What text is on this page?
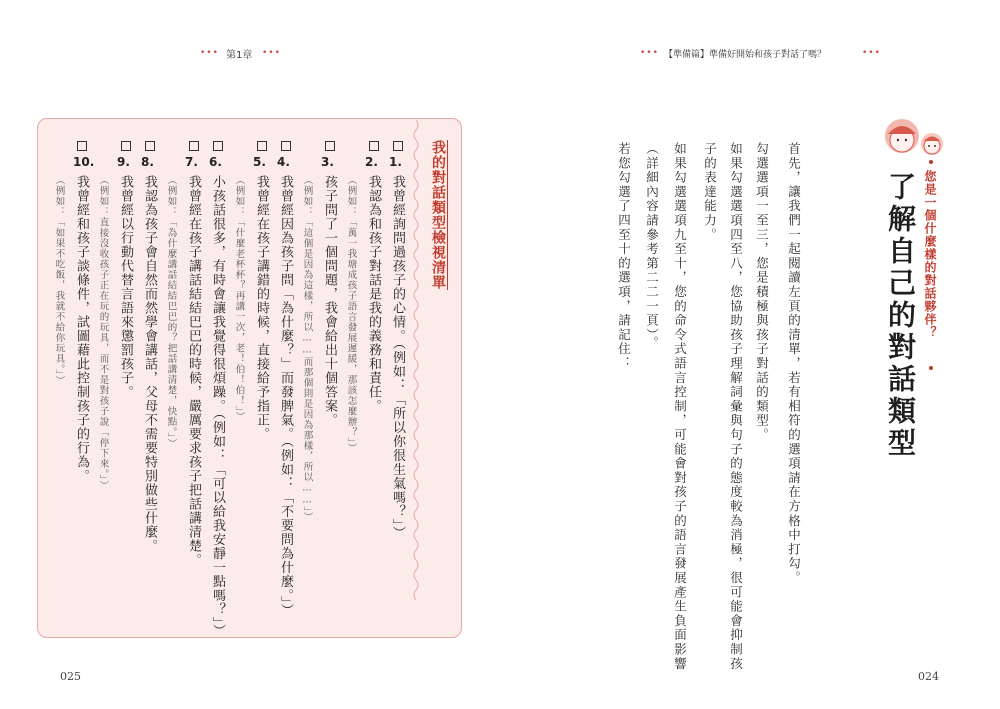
••• 第1章 •••
我的對話類型檢視清單
1.
我曾經詢問過孩子的心情。（例如：「所以你很生氣嗎？」）
2.
我認為和孩子對話是我的義務和責任。
（例如：「萬一我塘成孩子語言發展遲緩，那該怎麼辦？」）
3.
孩子問了一個問題，我會給出十個答案。
（例如：「這個是因為這樣，所以……而那個則是因為那樣，所以……」）
4.
我曾經因為孩子問「為什麼？」而發脾氣。（例如：「不要問為什麼。」）
5.
我曾經在孩子講錯的時候，直接給予指正。
（例如：「什麼老杯杯？再講一次，老！伯！伯！」）
6.
小孩話很多，有時會讓我覺得很煩躁。（例如：「可以給我安靜一點嗎？」）
7.
我曾經在孩子講話結結巴巴的時候，嚴厲要求孩子把話講清楚。
（例如：「為什麼講話結結巴巴的？把話講清楚，快點。」）
8.
我認為孩子會自然而然學會講話，父母不需要特別做些什麼。
9.
我曾經以行動代替言語來懲罰孩子。
（例如：直接沒收孩子正在玩的玩具，而不是對孩子說「停下來。」）
10.
我曾經和孩子談條件，試圖藉此控制孩子的行為。
（例如：「如果不吃飯，我就不給你玩具。」）
025
••• 【準備篇】準備好開始和孩子對話了嗎？	•••
您是一個什麼樣的對話夥伴？
了解自己的對話類型
首先，讓我們一起閱讀左頁的清單，若有相符的選項請在方格中打勾。
勾選選項一至三，您是積極與孩子對話的類型。
如果勾選選項四至八，您協助孩子理解詞彙與句子的態度較為消極，很可能會抑制孩
子的表達能力。
如果勾選選項九至十，您的命令式語言控制，可能會對孩子的語言發展產生負面影響
（詳細內容請參考第二二一頁）。
若您勾選了四至十的選項，請記住：
024
